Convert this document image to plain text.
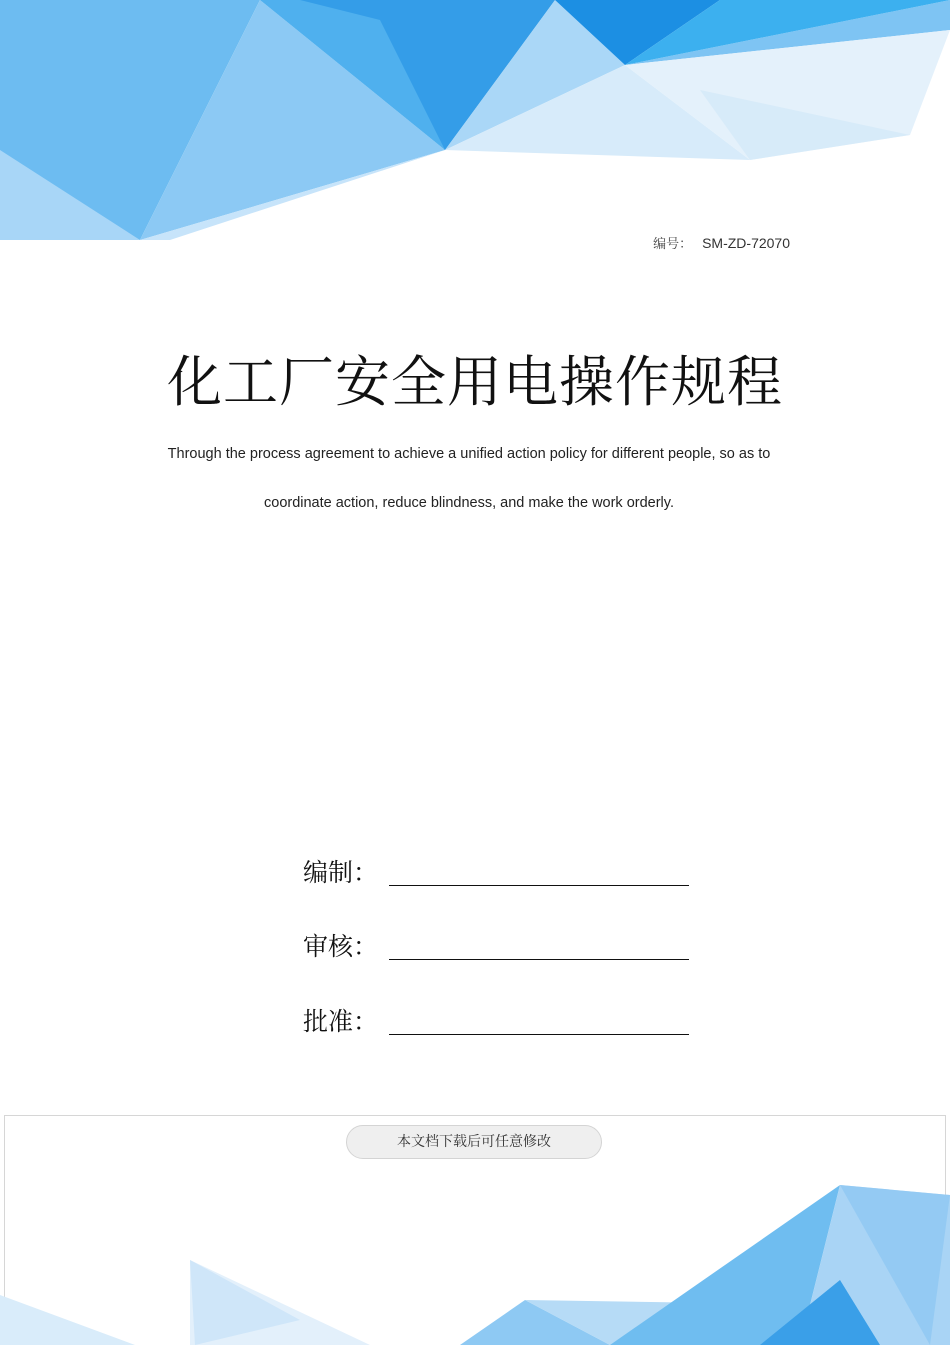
编号： SM-ZD-72070
化工厂安全用电操作规程
Through the process agreement to achieve a unified action policy for different people, so as to
coordinate action, reduce blindness, and make the work orderly.
编制：
审核：
批准：
本文档下载后可任意修改
